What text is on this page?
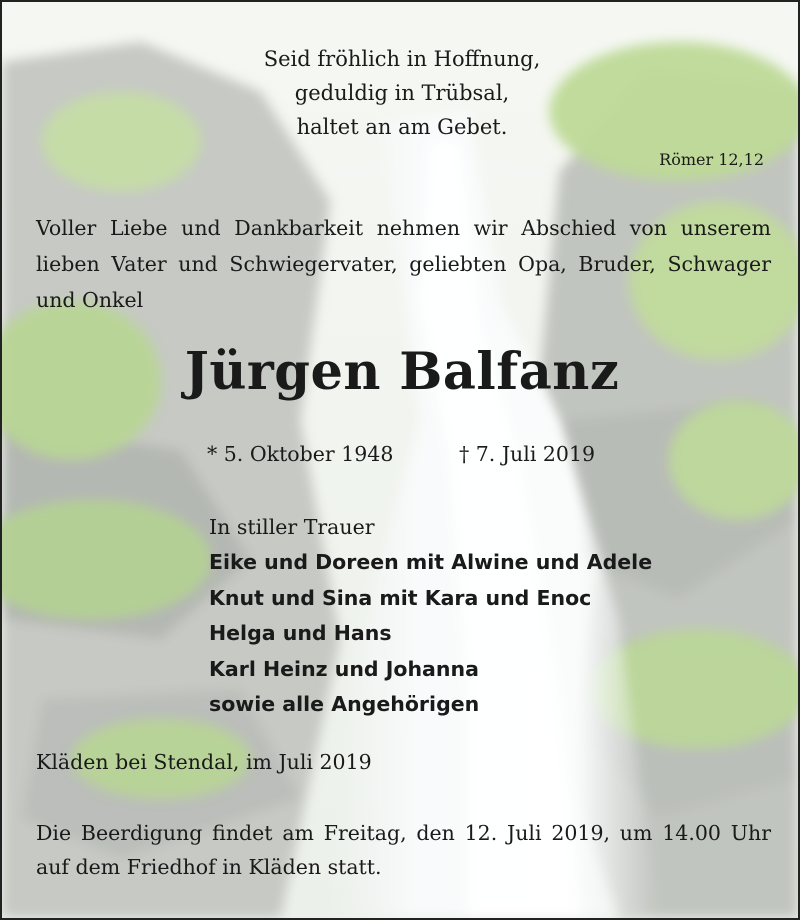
Seid fröhlich in Hoffnung,
geduldig in Trübsal,
haltet an am Gebet.
Römer 12,12
Voller Liebe und Dankbarkeit nehmen wir Abschied von unserem
lieben Vater und Schwiegervater, geliebten Opa, Bruder, Schwager
und Onkel
Jürgen Balfanz
* 5. Oktober 1948	† 7. Juli 2019
In stiller Trauer
Eike und Doreen mit Alwine und Adele
Knut und Sina mit Kara und Enoc
Helga und Hans
Karl Heinz und Johanna
sowie alle Angehörigen
Kläden bei Stendal, im Juli 2019
Die Beerdigung findet am Freitag, den 12. Juli 2019, um 14.00 Uhr
auf dem Friedhof in Kläden statt.
